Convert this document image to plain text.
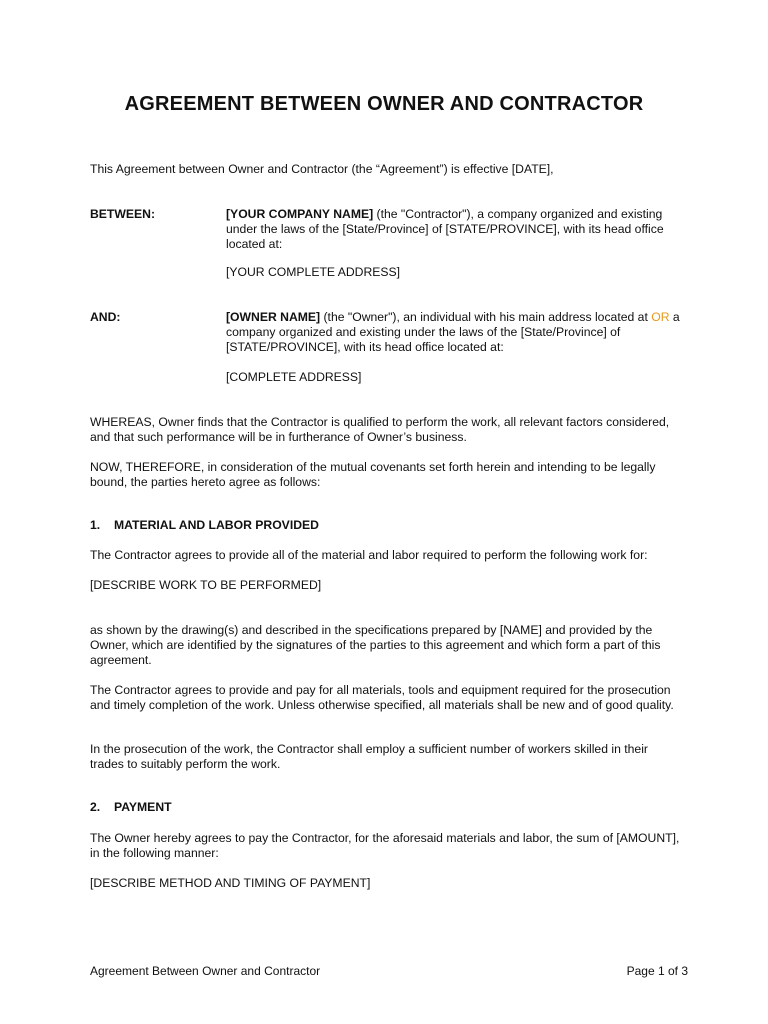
AGREEMENT BETWEEN OWNER AND CONTRACTOR

This Agreement between Owner and Contractor (the “Agreement”) is effective [DATE],

BETWEEN:	[YOUR COMPANY NAME] (the "Contractor"), a company organized and existing under the laws of the [State/Province] of [STATE/PROVINCE], with its head office located at:

[YOUR COMPLETE ADDRESS]

AND:	[OWNER NAME] (the "Owner"), an individual with his main address located at OR a company organized and existing under the laws of the [State/Province] of [STATE/PROVINCE], with its head office located at:

[COMPLETE ADDRESS]

WHEREAS, Owner finds that the Contractor is qualified to perform the work, all relevant factors considered, and that such performance will be in furtherance of Owner’s business.

NOW, THEREFORE, in consideration of the mutual covenants set forth herein and intending to be legally bound, the parties hereto agree as follows:

1. MATERIAL AND LABOR PROVIDED

The Contractor agrees to provide all of the material and labor required to perform the following work for:

[DESCRIBE WORK TO BE PERFORMED]

as shown by the drawing(s) and described in the specifications prepared by [NAME] and provided by the Owner, which are identified by the signatures of the parties to this agreement and which form a part of this agreement.

The Contractor agrees to provide and pay for all materials, tools and equipment required for the prosecution and timely completion of the work. Unless otherwise specified, all materials shall be new and of good quality.

In the prosecution of the work, the Contractor shall employ a sufficient number of workers skilled in their trades to suitably perform the work.

2. PAYMENT

The Owner hereby agrees to pay the Contractor, for the aforesaid materials and labor, the sum of [AMOUNT], in the following manner:

[DESCRIBE METHOD AND TIMING OF PAYMENT]

Agreement Between Owner and Contractor	Page 1 of 3
